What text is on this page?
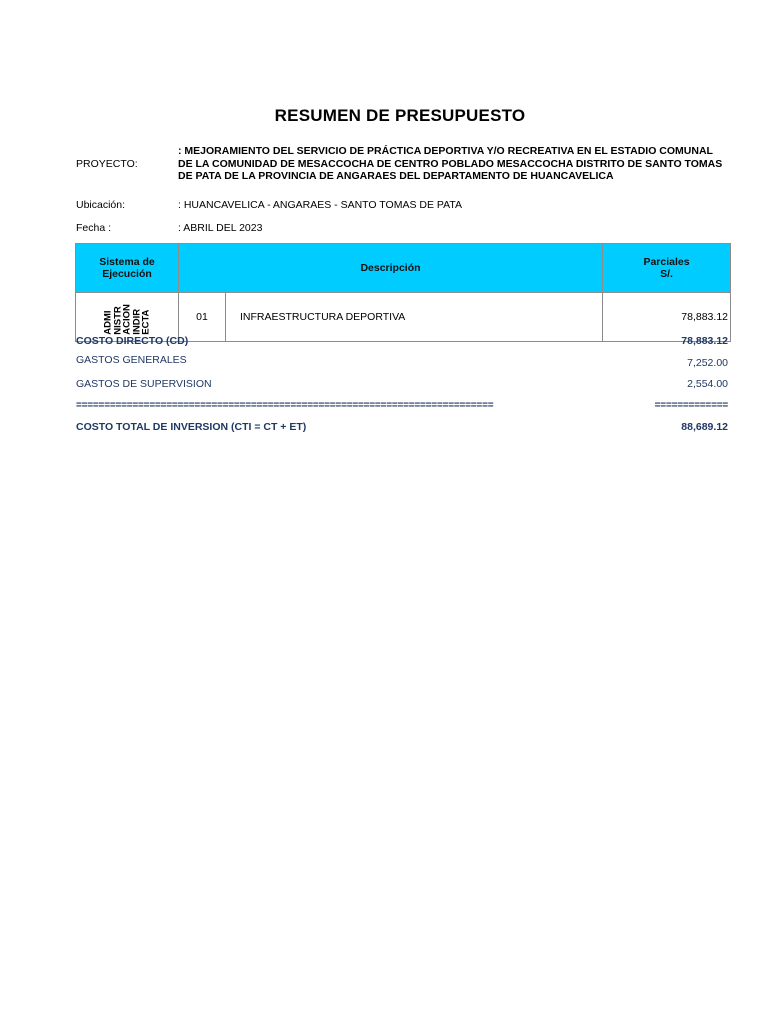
RESUMEN DE PRESUPUESTO
PROYECTO:
: MEJORAMIENTO DEL SERVICIO DE PRÁCTICA DEPORTIVA Y/O RECREATIVA EN EL ESTADIO COMUNAL DE LA COMUNIDAD DE MESACCOCHA DE CENTRO POBLADO MESACCOCHA DISTRITO DE SANTO TOMAS DE PATA DE LA PROVINCIA DE ANGARAES DEL DEPARTAMENTO DE HUANCAVELICA
Ubicación:	: HUANCAVELICA - ANGARAES - SANTO TOMAS DE PATA
Fecha :	: ABRIL DEL 2023
Sistema de Ejecución	Descripción		Parciales S/.
ADMI
NISTR
ACION
INDIR
ECTA	01	INFRAESTRUCTURA DEPORTIVA	78,883.12
COSTO DIRECTO (CD)	78,883.12
GASTOS GENERALES	7,252.00
GASTOS DE SUPERVISION	2,554.00
==========================================================================	=============
COSTO TOTAL DE INVERSION (CTI = CT + ET)	88,689.12
